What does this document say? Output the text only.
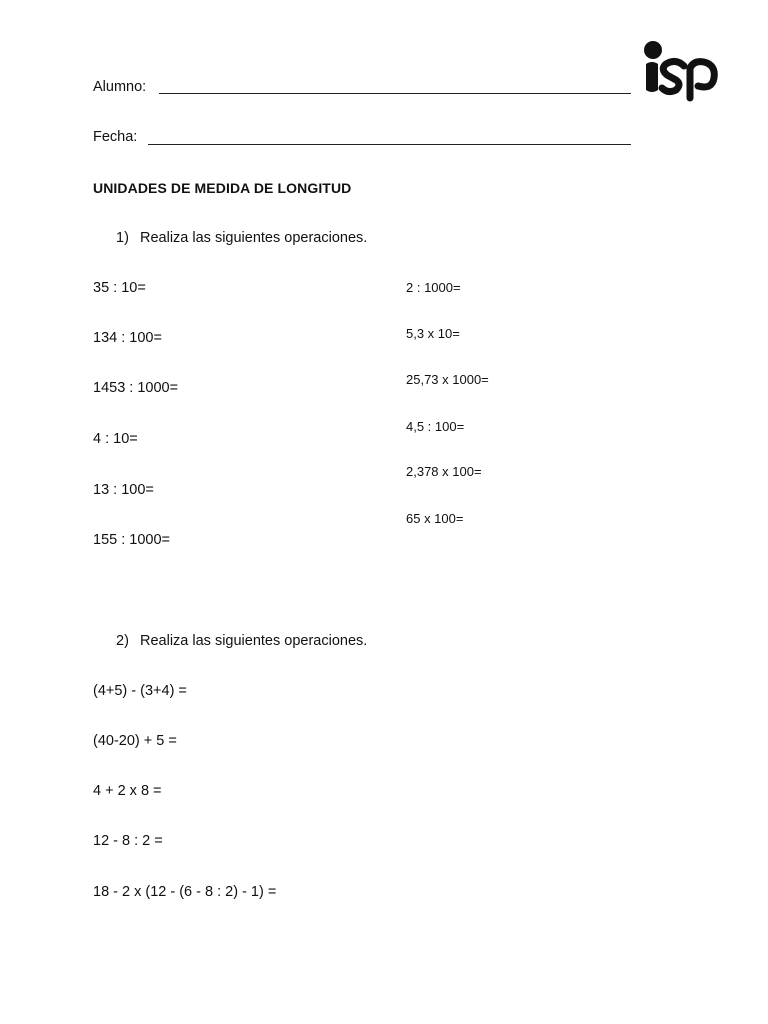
Alumno:
Fecha:
UNIDADES DE MEDIDA DE LONGITUD
1) Realiza las siguientes operaciones.
35 : 10=
134 : 100=
1453 : 1000=
4 : 10=
13 : 100=
155 : 1000=
2 : 1000=
5,3 x 10=
25,73 x 1000=
4,5 : 100=
2,378 x 100=
65 x 100=
2) Realiza las siguientes operaciones.
(4+5) - (3+4) =
(40-20) + 5 =
4 + 2 x 8 =
12 - 8 : 2 =
18 - 2 x (12 - (6 - 8 : 2) - 1) =
